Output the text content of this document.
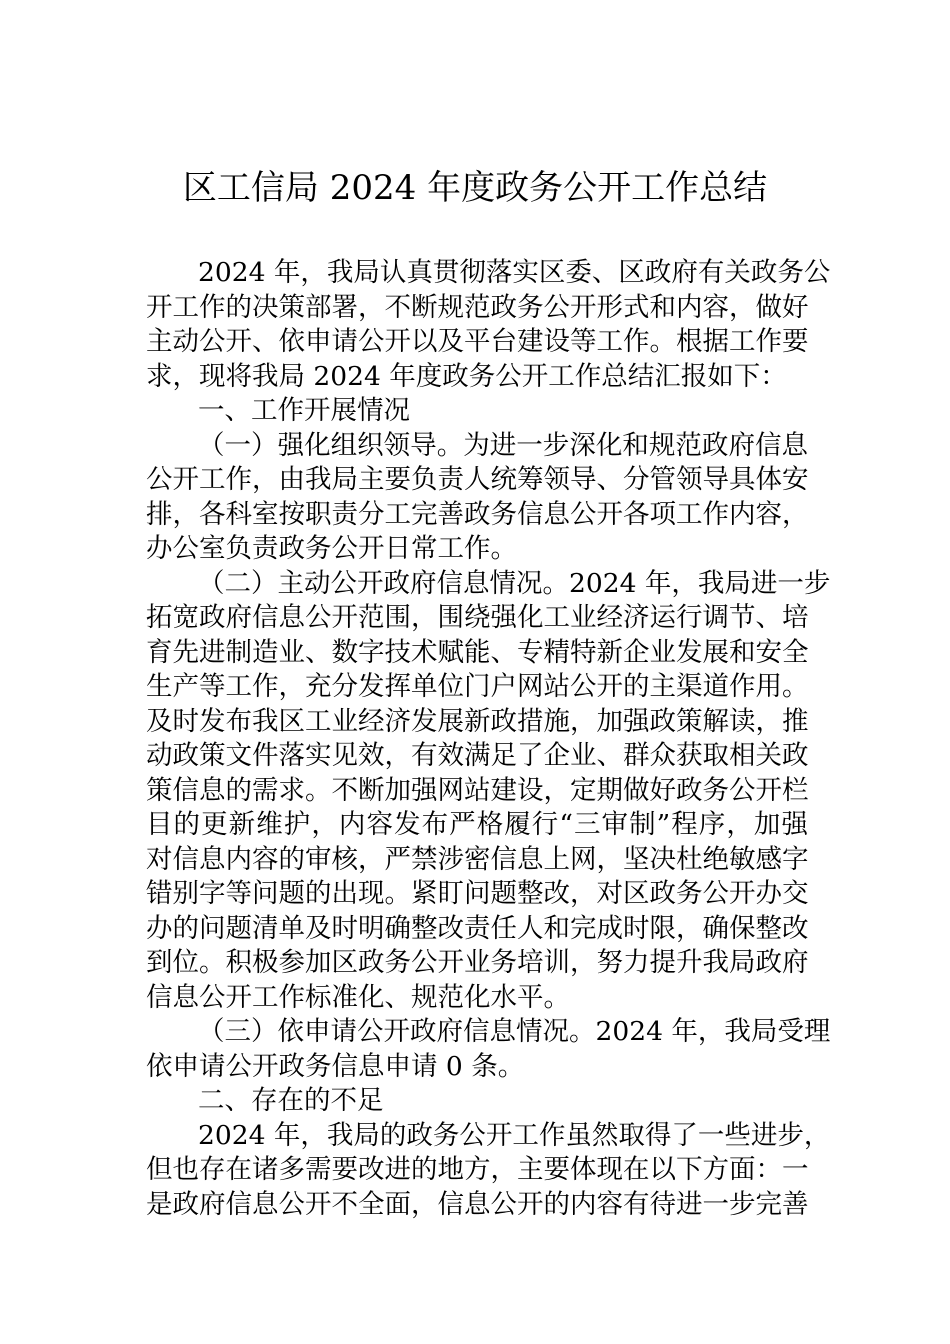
区工信局 2024 年度政务公开工作总结
2024 年，我局认真贯彻落实区委、区政府有关政务公
开工作的决策部署，不断规范政务公开形式和内容，做好
主动公开、依申请公开以及平台建设等工作。根据工作要
求，现将我局 2024 年度政务公开工作总结汇报如下：
一、工作开展情况
（一）强化组织领导。为进一步深化和规范政府信息
公开工作，由我局主要负责人统筹领导、分管领导具体安
排，各科室按职责分工完善政务信息公开各项工作内容，
办公室负责政务公开日常工作。
（二）主动公开政府信息情况。2024 年，我局进一步
拓宽政府信息公开范围，围绕强化工业经济运行调节、培
育先进制造业、数字技术赋能、专精特新企业发展和安全
生产等工作，充分发挥单位门户网站公开的主渠道作用。
及时发布我区工业经济发展新政措施，加强政策解读，推
动政策文件落实见效，有效满足了企业、群众获取相关政
策信息的需求。不断加强网站建设，定期做好政务公开栏
目的更新维护，内容发布严格履行“三审制”程序，加强
对信息内容的审核，严禁涉密信息上网，坚决杜绝敏感字
错别字等问题的出现。紧盯问题整改，对区政务公开办交
办的问题清单及时明确整改责任人和完成时限，确保整改
到位。积极参加区政务公开业务培训，努力提升我局政府
信息公开工作标准化、规范化水平。
（三）依申请公开政府信息情况。2024 年，我局受理
依申请公开政务信息申请 0 条。
二、存在的不足
2024 年，我局的政务公开工作虽然取得了一些进步，
但也存在诸多需要改进的地方，主要体现在以下方面：一
是政府信息公开不全面，信息公开的内容有待进一步完善
